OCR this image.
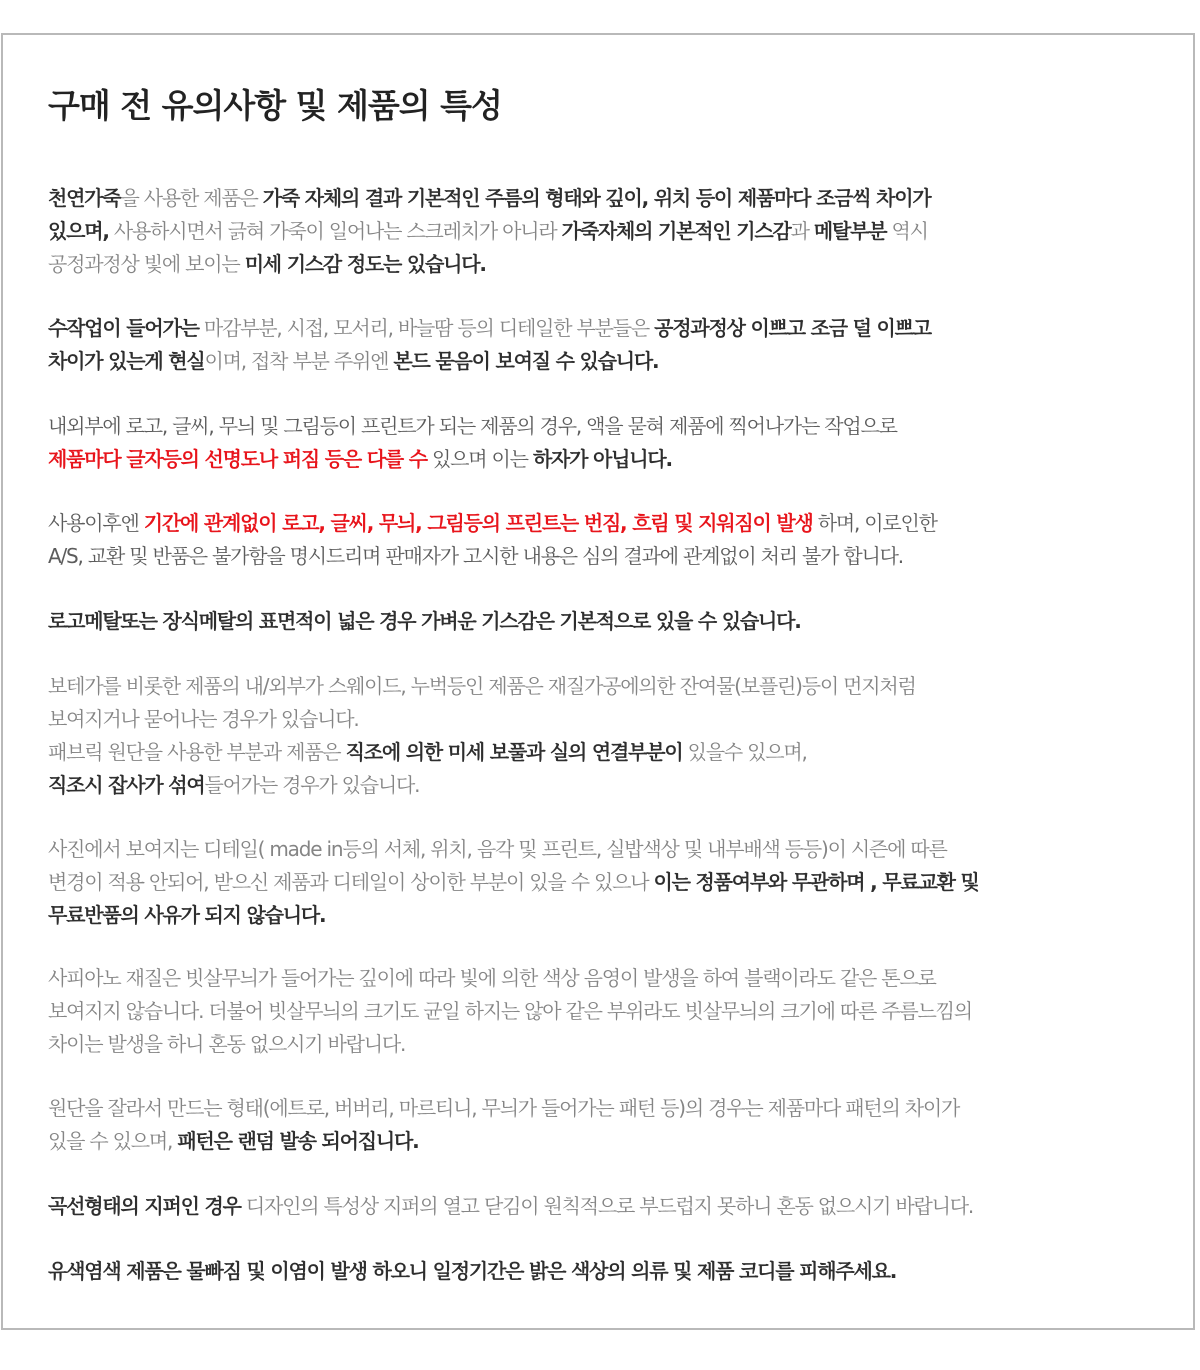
구매 전 유의사항 및 제품의 특성

천연가죽을 사용한 제품은 가죽 자체의 결과 기본적인 주름의 형태와 깊이, 위치 등이 제품마다 조금씩 차이가
있으며, 사용하시면서 긁혀 가죽이 일어나는 스크레치가 아니라 가죽자체의 기본적인 기스감과 메탈부분 역시
공정과정상 빛에 보이는 미세 기스감 정도는 있습니다.

수작업이 들어가는 마감부분, 시접, 모서리, 바늘땀 등의 디테일한 부분들은 공정과정상 이쁘고 조금 덜 이쁘고
차이가 있는게 현실이며, 접착 부분 주위엔 본드 묻음이 보여질 수 있습니다.

내외부에 로고, 글씨, 무늬 및 그림등이 프린트가 되는 제품의 경우, 액을 묻혀 제품에 찍어나가는 작업으로
제품마다 글자등의 선명도나 퍼짐 등은 다를 수 있으며 이는 하자가 아닙니다.

사용이후엔 기간에 관계없이 로고, 글씨, 무늬, 그림등의 프린트는 번짐, 흐림 및 지워짐이 발생 하며, 이로인한
A/S, 교환 및 반품은 불가함을 명시드리며 판매자가 고시한 내용은 심의 결과에 관계없이 처리 불가 합니다.

로고메탈또는 장식메탈의 표면적이 넓은 경우 가벼운 기스감은 기본적으로 있을 수 있습니다.

보테가를 비롯한 제품의 내/외부가 스웨이드, 누벅등인 제품은 재질가공에의한 잔여물(보플린)등이 먼지처럼
보여지거나 묻어나는 경우가 있습니다.
패브릭 원단을 사용한 부분과 제품은 직조에 의한 미세 보풀과 실의 연결부분이 있을수 있으며,
직조시 잡사가 섞여들어가는 경우가 있습니다.

사진에서 보여지는 디테일( made in등의 서체, 위치, 음각 및 프린트, 실밥색상 및 내부배색 등등)이 시즌에 따른
변경이 적용 안되어, 받으신 제품과 디테일이 상이한 부분이 있을 수 있으나 이는 정품여부와 무관하며 , 무료교환 및
무료반품의 사유가 되지 않습니다.

사피아노 재질은 빗살무늬가 들어가는 깊이에 따라 빛에 의한 색상 음영이 발생을 하여 블랙이라도 같은 톤으로
보여지지 않습니다. 더불어 빗살무늬의 크기도 균일 하지는 않아 같은 부위라도 빗살무늬의 크기에 따른 주름느낌의
차이는 발생을 하니 혼동 없으시기 바랍니다.

원단을 잘라서 만드는 형태(에트로, 버버리, 마르티니, 무늬가 들어가는 패턴 등)의 경우는 제품마다 패턴의 차이가
있을 수 있으며, 패턴은 랜덤 발송 되어집니다.

곡선형태의 지퍼인 경우 디자인의 특성상 지퍼의 열고 닫김이 원칙적으로 부드럽지 못하니 혼동 없으시기 바랍니다.

유색염색 제품은 물빠짐 및 이염이 발생 하오니 일정기간은 밝은 색상의 의류 및 제품 코디를 피해주세요.
